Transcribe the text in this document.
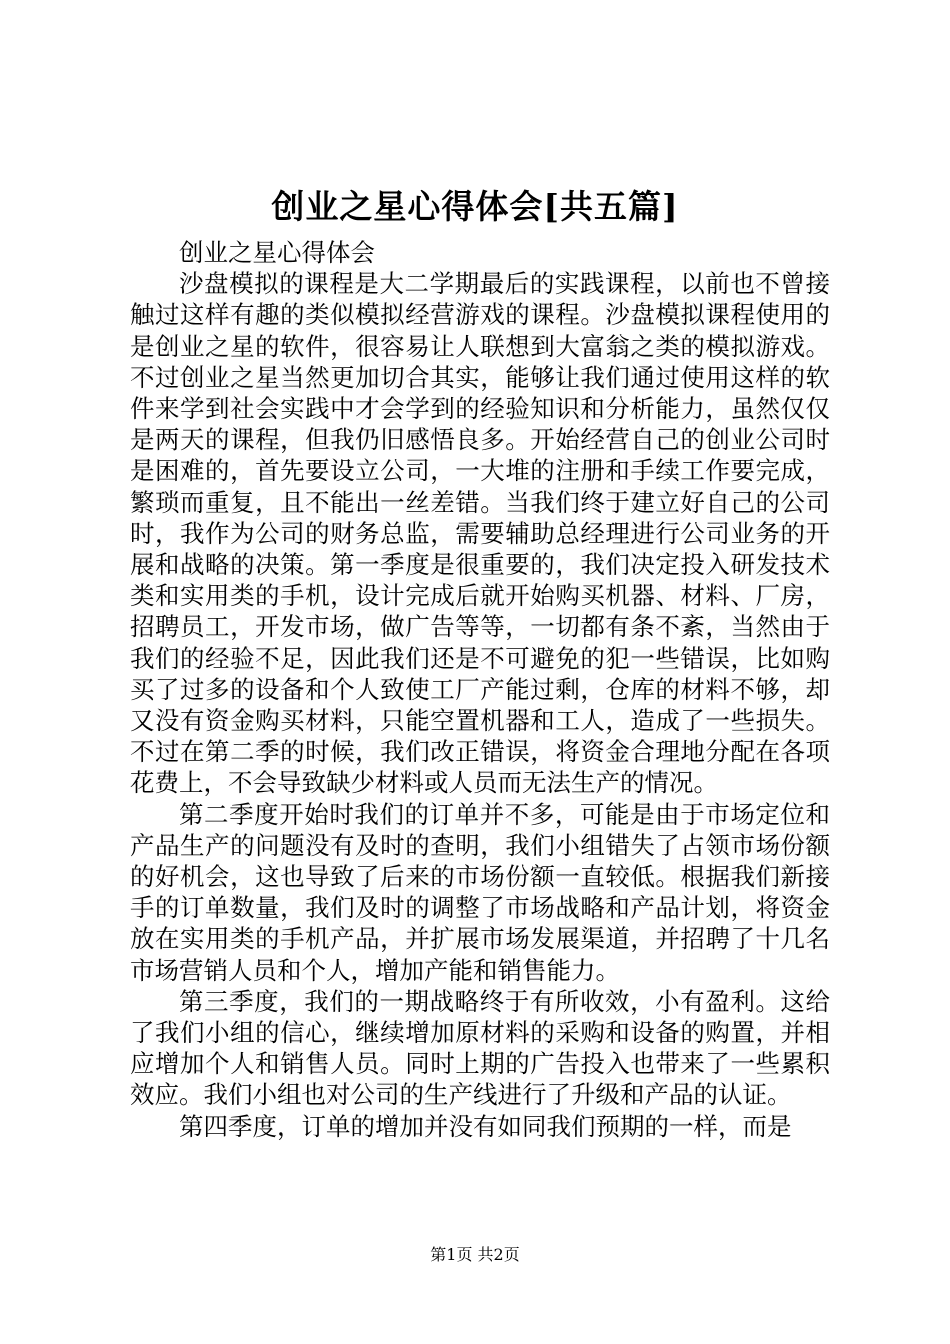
创业之星心得体会[共五篇]

创业之星心得体会

沙盘模拟的课程是大二学期最后的实践课程，以前也不曾接触过这样有趣的类似模拟经营游戏的课程。沙盘模拟课程使用的是创业之星的软件，很容易让人联想到大富翁之类的模拟游戏。不过创业之星当然更加切合其实，能够让我们通过使用这样的软件来学到社会实践中才会学到的经验知识和分析能力，虽然仅仅是两天的课程，但我仍旧感悟良多。开始经营自己的创业公司时是困难的，首先要设立公司，一大堆的注册和手续工作要完成，繁琐而重复，且不能出一丝差错。当我们终于建立好自己的公司时，我作为公司的财务总监，需要辅助总经理进行公司业务的开展和战略的决策。第一季度是很重要的，我们决定投入研发技术类和实用类的手机，设计完成后就开始购买机器、材料、厂房，招聘员工，开发市场，做广告等等，一切都有条不紊，当然由于我们的经验不足，因此我们还是不可避免的犯一些错误，比如购买了过多的设备和个人致使工厂产能过剩，仓库的材料不够，却又没有资金购买材料，只能空置机器和工人，造成了一些损失。不过在第二季的时候，我们改正错误，将资金合理地分配在各项花费上，不会导致缺少材料或人员而无法生产的情况。

第二季度开始时我们的订单并不多，可能是由于市场定位和产品生产的问题没有及时的查明，我们小组错失了占领市场份额的好机会，这也导致了后来的市场份额一直较低。根据我们新接手的订单数量，我们及时的调整了市场战略和产品计划，将资金放在实用类的手机产品，并扩展市场发展渠道，并招聘了十几名市场营销人员和个人，增加产能和销售能力。

第三季度，我们的一期战略终于有所收效，小有盈利。这给了我们小组的信心，继续增加原材料的采购和设备的购置，并相应增加个人和销售人员。同时上期的广告投入也带来了一些累积效应。我们小组也对公司的生产线进行了升级和产品的认证。

第四季度，订单的增加并没有如同我们预期的一样，而是

第1页 共2页
